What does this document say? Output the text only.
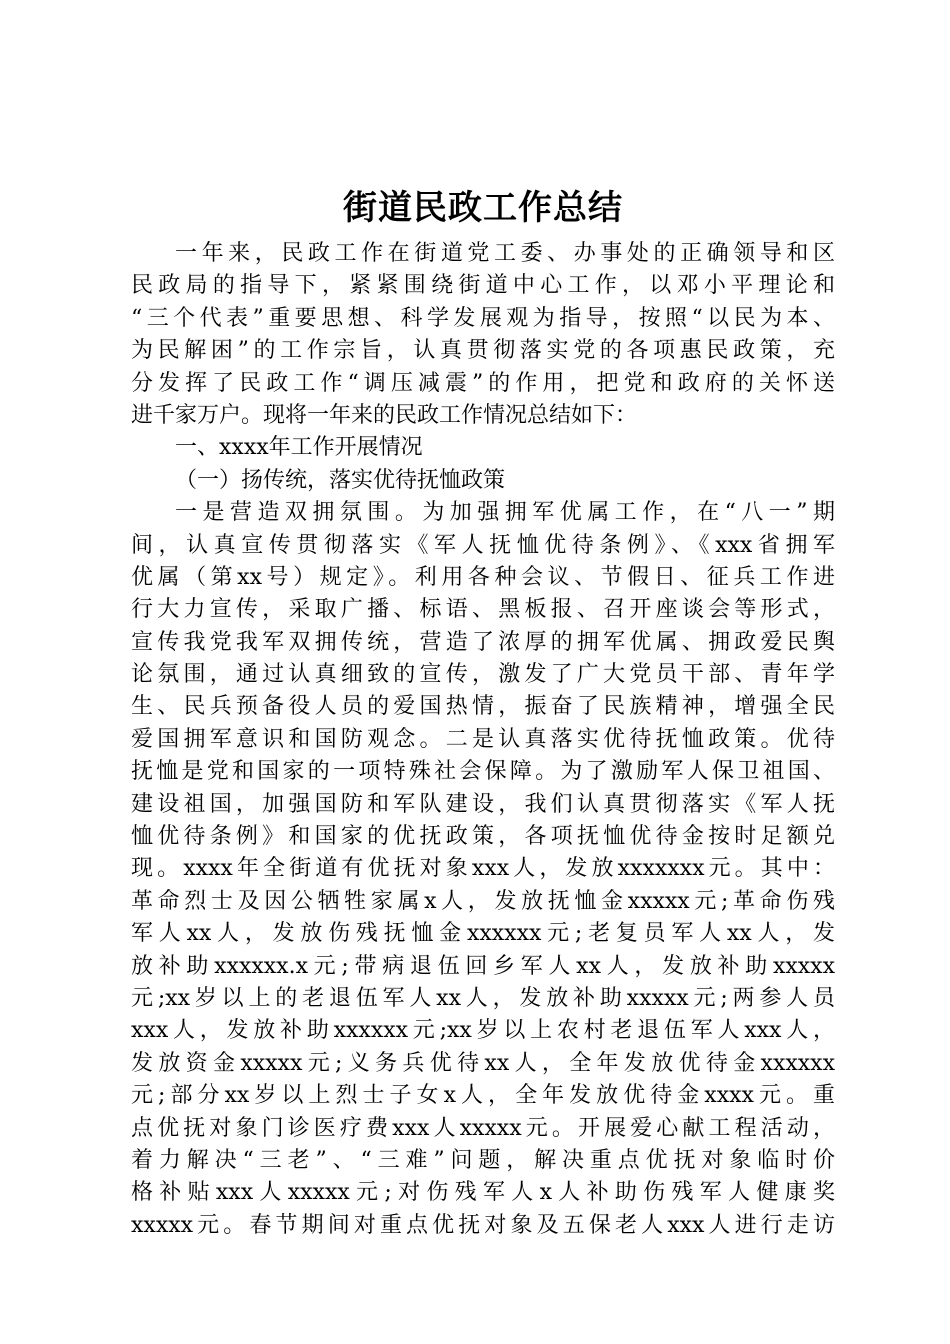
街道民政工作总结
一年来，民政工作在街道党工委、办事处的正确领导和区
民政局的指导下，紧紧围绕街道中心工作，以邓小平理论和
“三个代表”重要思想、科学发展观为指导，按照“以民为本、
为民解困”的工作宗旨，认真贯彻落实党的各项惠民政策，充
分发挥了民政工作“调压减震”的作用，把党和政府的关怀送
进千家万户。现将一年来的民政工作情况总结如下：
一、xxxx年工作开展情况
（一）扬传统，落实优待抚恤政策
一是营造双拥氛围。为加强拥军优属工作，在“八一”期
间，认真宣传贯彻落实《军人抚恤优待条例》、《xxx省拥军
优属（第xx号）规定》。利用各种会议、节假日、征兵工作进
行大力宣传，采取广播、标语、黑板报、召开座谈会等形式，
宣传我党我军双拥传统，营造了浓厚的拥军优属、拥政爱民舆
论氛围，通过认真细致的宣传，激发了广大党员干部、青年学
生、民兵预备役人员的爱国热情，振奋了民族精神，增强全民
爱国拥军意识和国防观念。二是认真落实优待抚恤政策。优待
抚恤是党和国家的一项特殊社会保障。为了激励军人保卫祖国、
建设祖国，加强国防和军队建设，我们认真贯彻落实《军人抚
恤优待条例》和国家的优抚政策，各项抚恤优待金按时足额兑
现。xxxx年全街道有优抚对象xxx人，发放xxxxxxx元。其中：
革命烈士及因公牺牲家属x人，发放抚恤金xxxxx元;革命伤残
军人xx人，发放伤残抚恤金xxxxxx元;老复员军人xx人，发
放补助xxxxxx.x元;带病退伍回乡军人xx人，发放补助xxxxx
元;xx岁以上的老退伍军人xx人，发放补助xxxxx元;两参人员
xxx人，发放补助xxxxxx元;xx岁以上农村老退伍军人xxx人，
发放资金xxxxx元;义务兵优待xx人，全年发放优待金xxxxxx
元;部分xx岁以上烈士子女x人，全年发放优待金xxxx元。重
点优抚对象门诊医疗费xxx人xxxxx元。开展爱心献工程活动，
着力解决“三老”、“三难”问题，解决重点优抚对象临时价
格补贴xxx人xxxxx元;对伤残军人x人补助伤残军人健康奖
xxxxx元。春节期间对重点优抚对象及五保老人xxx人进行走访
